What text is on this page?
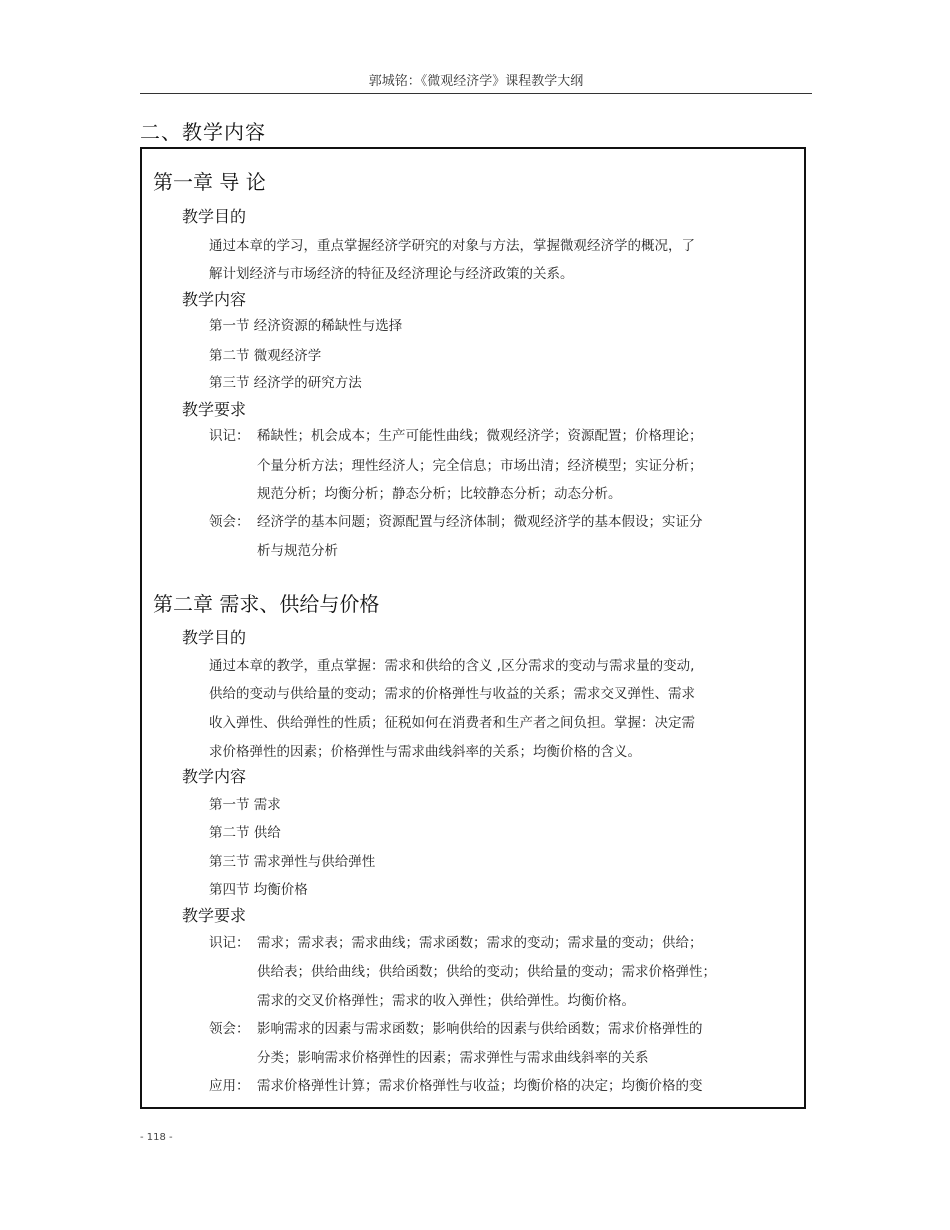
郭城铭：《微观经济学》课程教学大纲
二、教学内容
第一章 导 论
教学目的
通过本章的学习，重点掌握经济学研究的对象与方法，掌握微观经济学的概况，了
解计划经济与市场经济的特征及经济理论与经济政策的关系。
教学内容
第一节 经济资源的稀缺性与选择
第二节 微观经济学
第三节 经济学的研究方法
教学要求
识记： 稀缺性；机会成本；生产可能性曲线；微观经济学；资源配置；价格理论；
个量分析方法；理性经济人；完全信息；市场出清；经济模型；实证分析；
规范分析；均衡分析；静态分析；比较静态分析；动态分析。
领会： 经济学的基本问题；资源配置与经济体制；微观经济学的基本假设；实证分
析与规范分析
第二章 需求、供给与价格
教学目的
通过本章的教学，重点掌握：需求和供给的含义 ,区分需求的变动与需求量的变动,
供给的变动与供给量的变动；需求的价格弹性与收益的关系；需求交叉弹性、需求
收入弹性、供给弹性的性质；征税如何在消费者和生产者之间负担。掌握：决定需
求价格弹性的因素；价格弹性与需求曲线斜率的关系；均衡价格的含义。
教学内容
第一节 需求
第二节 供给
第三节 需求弹性与供给弹性
第四节 均衡价格
教学要求
识记： 需求；需求表；需求曲线；需求函数；需求的变动；需求量的变动；供给；
供给表；供给曲线；供给函数；供给的变动；供给量的变动；需求价格弹性；
需求的交叉价格弹性；需求的收入弹性；供给弹性。均衡价格。
领会： 影响需求的因素与需求函数；影响供给的因素与供给函数；需求价格弹性的
分类；影响需求价格弹性的因素；需求弹性与需求曲线斜率的关系
应用： 需求价格弹性计算；需求价格弹性与收益；均衡价格的决定；均衡价格的变
- 118 -
